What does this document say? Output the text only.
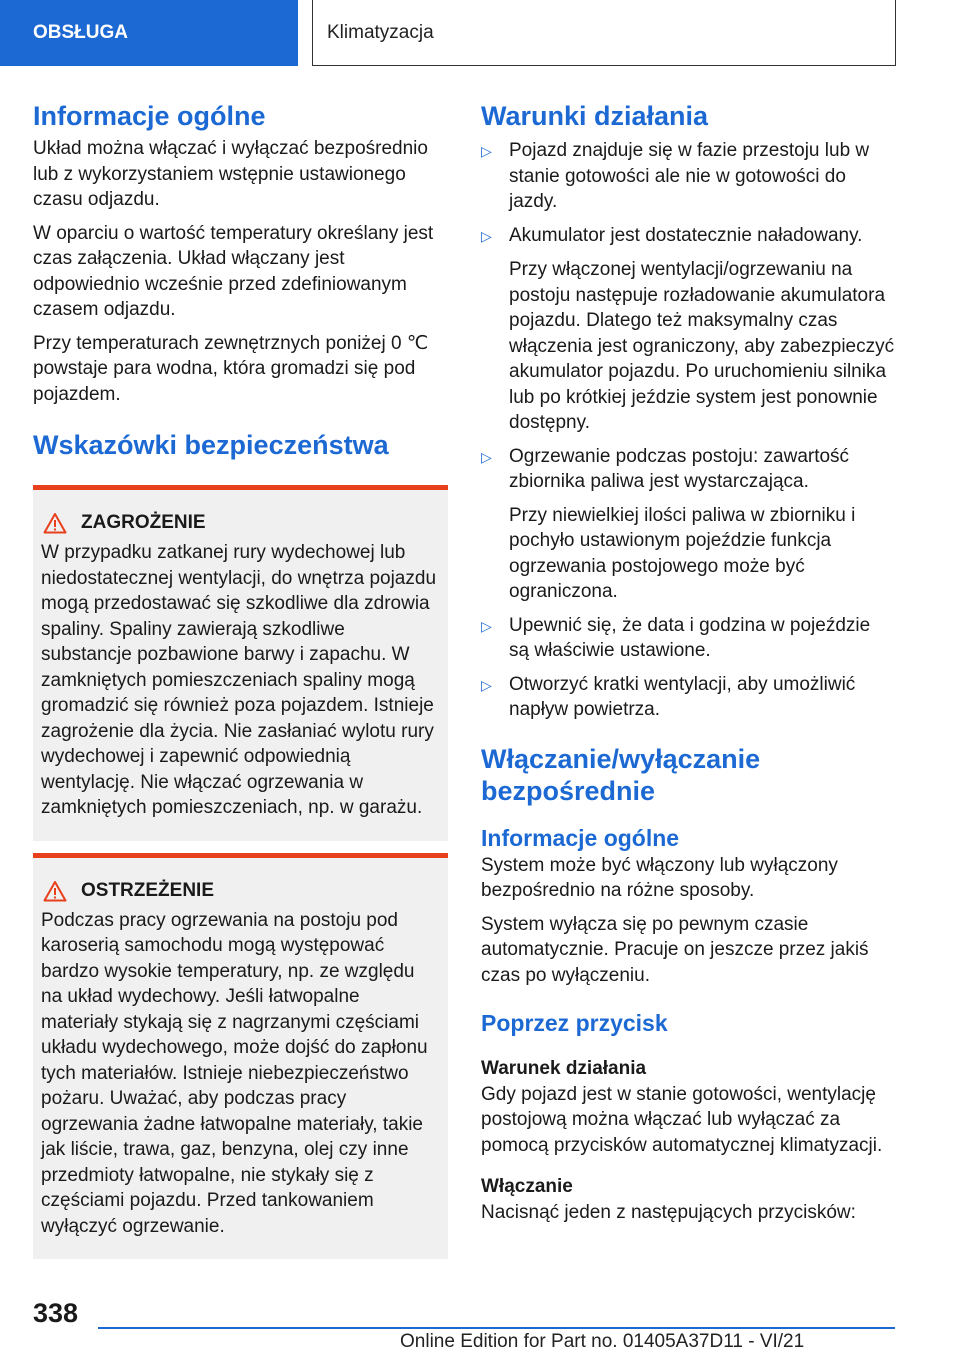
OBSŁUGA	Klimatyzacja
Informacje ogólne

Układ można włączać i wyłączać bezpośrednio lub z wykorzystaniem wstępnie ustawionego czasu odjazdu.

W oparciu o wartość temperatury określany jest czas załączenia. Układ włączany jest odpowiednio wcześnie przed zdefiniowanym czasem odjazdu.

Przy temperaturach zewnętrznych poniżej 0 ℃ powstaje para wodna, która gromadzi się pod pojazdem.

Wskazówki bezpieczeństwa
ZAGROŻENIE

W przypadku zatkanej rury wydechowej lub niedostatecznej wentylacji, do wnętrza pojazdu mogą przedostawać się szkodliwe dla zdrowia spaliny. Spaliny zawierają szkodliwe substancje pozbawione barwy i zapachu. W zamkniętych pomieszczeniach spaliny mogą gromadzić się również poza pojazdem. Istnieje zagrożenie dla życia. Nie zasłaniać wylotu rury wydechowej i zapewnić odpowiednią wentylację. Nie włączać ogrzewania w zamkniętych pomieszczeniach, np. w garażu.

OSTRZEŻENIE

Podczas pracy ogrzewania na postoju pod karoserią samochodu mogą występować bardzo wysokie temperatury, np. ze względu na układ wydechowy. Jeśli łatwopalne materiały stykają się z nagrzanymi częściami układu wydechowego, może dojść do zapłonu tych materiałów. Istnieje niebezpieczeństwo pożaru. Uważać, aby podczas pracy ogrzewania żadne łatwopalne materiały, takie jak liście, trawa, gaz, benzyna, olej czy inne przedmioty łatwopalne, nie stykały się z częściami pojazdu. Przed tankowaniem wyłączyć ogrzewanie.

Warunki działania
▷ Pojazd znajduje się w fazie przestoju lub w stanie gotowości ale nie w gotowości do jazdy.

▷ Akumulator jest dostatecznie naładowany.

Przy włączonej wentylacji/ogrzewaniu na postoju następuje rozładowanie akumulatora pojazdu. Dlatego też maksymalny czas włączenia jest ograniczony, aby zabezpieczyć akumulator pojazdu. Po uruchomieniu silnika lub po krótkiej jeździe system jest ponownie dostępny.

▷ Ogrzewanie podczas postoju: zawartość zbiornika paliwa jest wystarczająca.

Przy niewielkiej ilości paliwa w zbiorniku i pochyło ustawionym pojeździe funkcja ogrzewania postojowego może być ograniczona.

▷ Upewnić się, że data i godzina w pojeździe są właściwie ustawione.

▷ Otworzyć kratki wentylacji, aby umożliwić napływ powietrza.

Włączanie/wyłączanie bezpośrednie
Informacje ogólne

System może być włączony lub wyłączony bezpośrednio na różne sposoby.

System wyłącza się po pewnym czasie automatycznie. Pracuje on jeszcze przez jakiś czas po wyłączeniu.

Poprzez przycisk
Warunek działania

Gdy pojazd jest w stanie gotowości, wentylację postojową można włączać lub wyłączać za pomocą przycisków automatycznej klimatyzacji.

Włączanie

Nacisnąć jeden z następujących przycisków:

338
Online Edition for Part no. 01405A37D11 - VI/21
